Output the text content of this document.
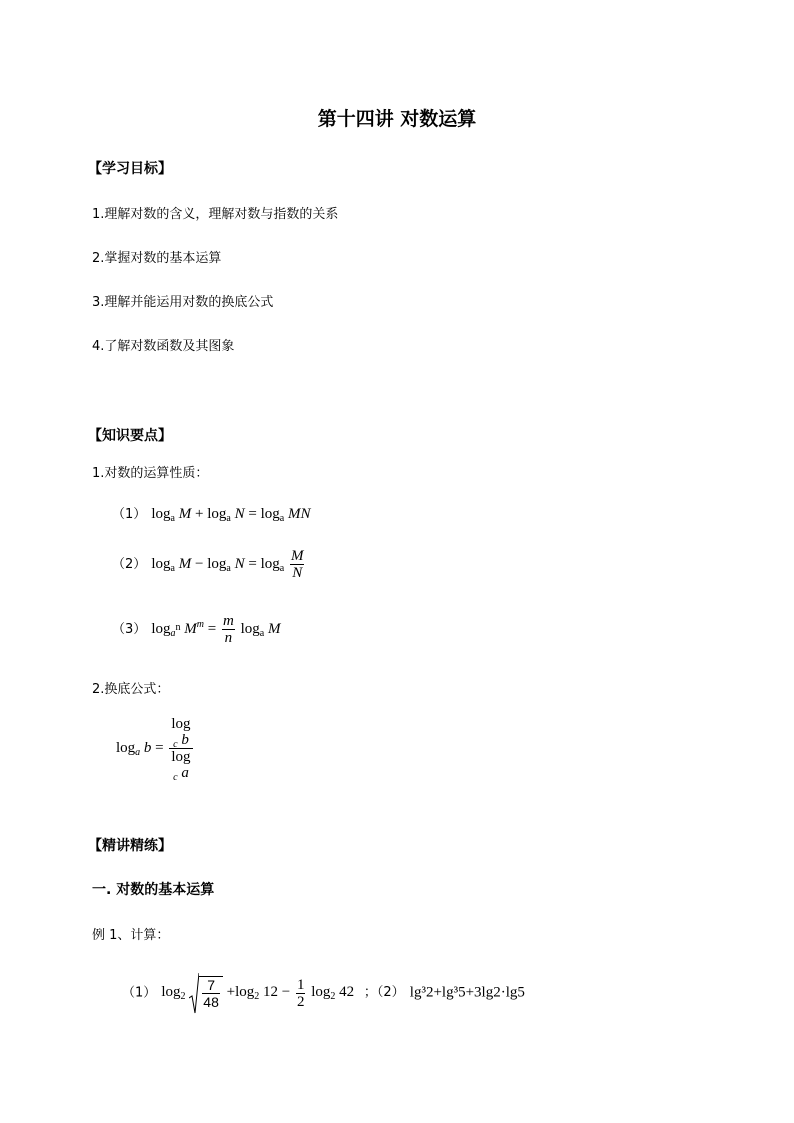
第十四讲 对数运算
【学习目标】
1.理解对数的含义，理解对数与指数的关系
2.掌握对数的基本运算
3.理解并能运用对数的换底公式
4.了解对数函数及其图象
【知识要点】
1.对数的运算性质：
（1） $\log_a M + \log_a N = \log_a$ MN
（2） $\log_a M - \log_a N = \log_a \frac{M}{N}$
（3） $\log_{a^n} M^m = \frac{m}{n} \log_a M$
2.换底公式：
$\log_a b = \log$
$_c$ b
log
$_c$ a
【精讲精练】
一. 对数的基本运算
例 1、计算：
（1） $\log_2 \frac{7}{48} +\log_2$ $12 - \frac{1}{2} \log_2 42$ ；（2） lg³2+lg³5+3lg2·lg5
